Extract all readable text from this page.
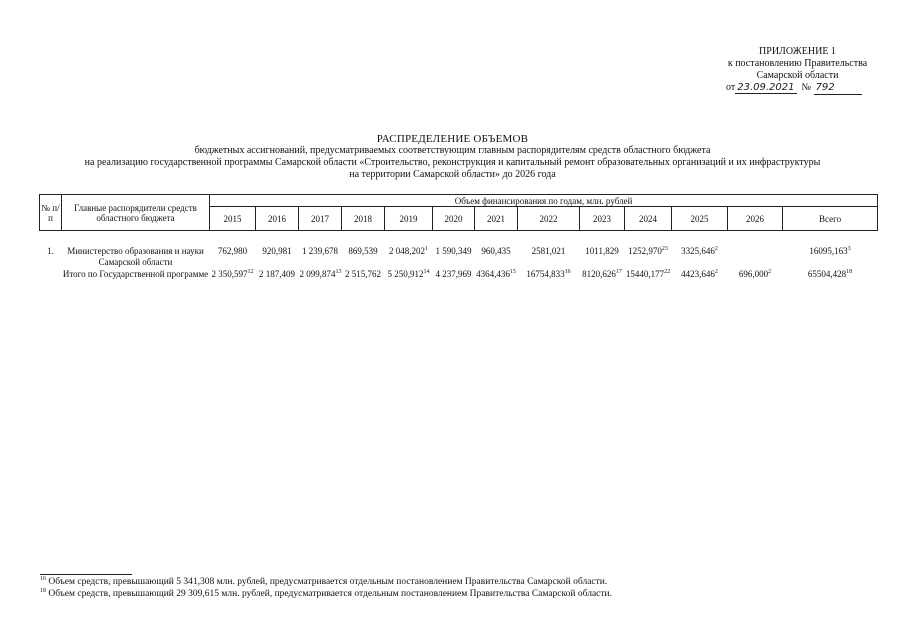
ПРИЛОЖЕНИЕ 1
к постановлению Правительства
Самарской области
от 23.09.2021 № 792
РАСПРЕДЕЛЕНИЕ ОБЪЕМОВ
бюджетных ассигнований, предусматриваемых соответствующим главным распорядителям средств областного бюджета
на реализацию государственной программы Самарской области «Строительство, реконструкция и капитальный ремонт образовательных организаций и их инфраструктуры
на территории Самарской области» до 2026 года
№ п/п	Главные распорядители средств областного бюджета	Объем финансирования по годам, млн. рублей												
		2015	2016	2017	2018	2019	2020	2021	2022	2023	2024	2025	2026	Всего

1.	Министерство образования и науки Самарской области	762,980	920,981	1 239,678	869,539	2 048,202$^1$	1 590,349	960,435	2581,021	1011,829	1252,970$^{23}$	3325,646$^2$		16095,163$^3$
	Итого по Государственной программе	2 350,597$^{12}$	2 187,409	2 099,874$^{13}$	2 515,762	5 250,912$^{14}$	4 237,969	4364,436$^{15}$	16754,833$^{16}$	8120,626$^{17}$	15440,177$^{22}$	4423,646$^2$	696,000$^2$	65504,428$^{18}$
$^{16}$ Объем средств, превышающий 5 341,308 млн. рублей, предусматривается отдельным постановлением Правительства Самарской области.
$^{18}$ Объем средств, превышающий 29 309,615 млн. рублей, предусматривается отдельным постановлением Правительства Самарской области.
